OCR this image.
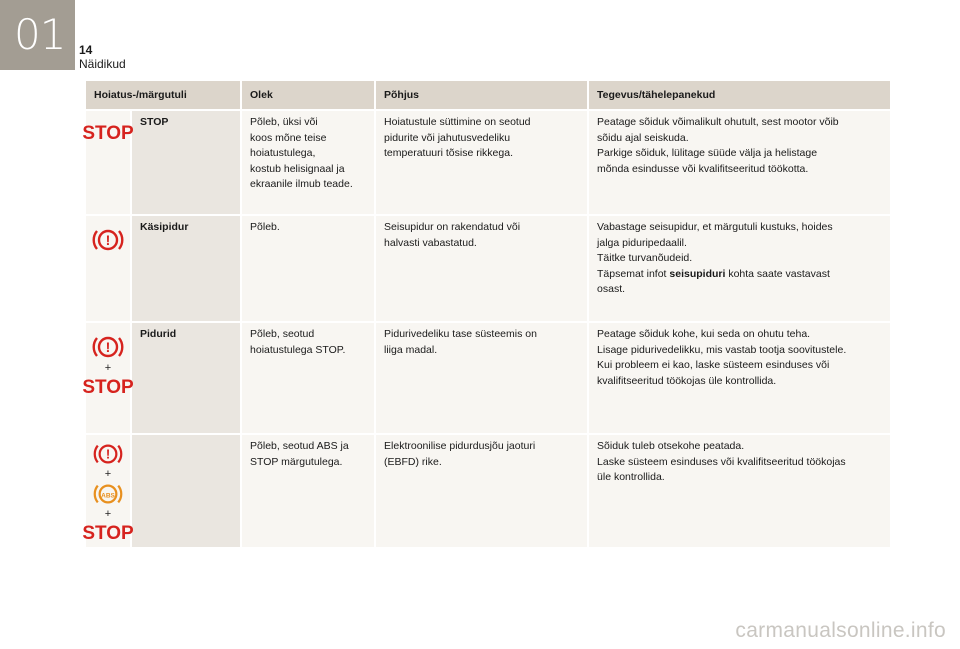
01 14
Näidikud
Hoiatus-/märgutuli		Olek	Põhjus	Tegevus/tähelepanekud

STOP	STOP	Põleb, üksi või
koos mõne teise
hoiatustulega,
kostub helisignaal ja
ekraanile ilmub teade.	Hoiatustule süttimine on seotud
pidurite või jahutusvedeliku
temperatuuri tõsise rikkega.	Peatage sõiduk võimalikult ohutult, sest mootor võib
sõidu ajal seiskuda.
Parkige sõiduk, lülitage süüde välja ja helistage
mõnda esindusse või kvalifitseeritud töökotta.

!	Käsipidur	Põleb.	Seisupidur on rakendatud või
halvasti vabastatud.	Vabastage seisupidur, et märgutuli kustuks, hoides
jalga piduripedaalil.
Täitke turvanõudeid.
Täpsemat infot seisupiduri kohta saate vastavast
osast.

!
+
STOP	Pidurid	Põleb, seotud
hoiatustulega STOP.	Pidurivedeliku tase süsteemis on
liiga madal.	Peatage sõiduk kohe, kui seda on ohutu teha.
Lisage pidurivedelikku, mis vastab tootja soovitustele.
Kui probleem ei kao, laske süsteem esinduses või
kvalifitseeritud töökojas üle kontrollida.

!
+
ABS
+
STOP		Põleb, seotud ABS ja
STOP märgutulega.	Elektroonilise pidurdusjõu jaoturi
(EBFD) rike.	Sõiduk tuleb otsekohe peatada.
Laske süsteem esinduses või kvalifitseeritud töökojas
üle kontrollida.
carmanualsonline.info
